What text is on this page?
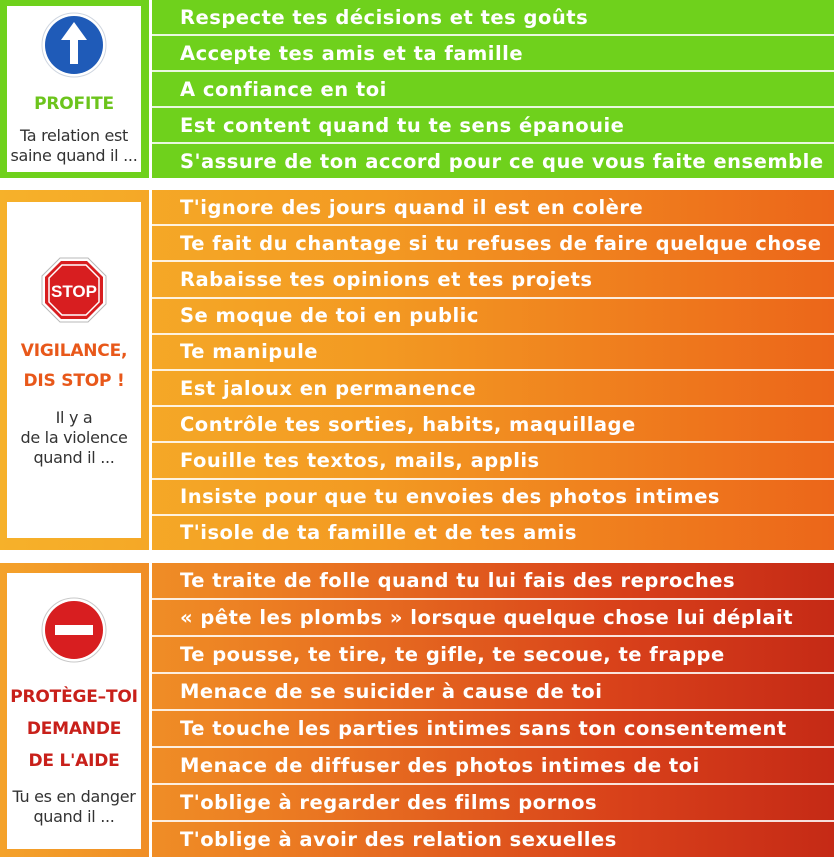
PROFITE
Ta relation est
saine quand il ...
Respecte tes décisions et tes goûts
Accepte tes amis et ta famille
A confiance en toi
Est content quand tu te sens épanouie
S'assure de ton accord pour ce que vous faite ensemble
STOP
VIGILANCE,
DIS STOP !
Il y a
de la violence
quand il ...
T'ignore des jours quand il est en colère
Te fait du chantage si tu refuses de faire quelque chose
Rabaisse tes opinions et tes projets
Se moque de toi en public
Te manipule
Est jaloux en permanence
Contrôle tes sorties, habits, maquillage
Fouille tes textos, mails, applis
Insiste pour que tu envoies des photos intimes
T'isole de ta famille et de tes amis
PROTÈGE–TOI
DEMANDE
DE L'AIDE
Tu es en danger
quand il ...
Te traite de folle quand tu lui fais des reproches
« pête les plombs » lorsque quelque chose lui déplait
Te pousse, te tire, te gifle, te secoue, te frappe
Menace de se suicider à cause de toi
Te touche les parties intimes sans ton consentement
Menace de diffuser des photos intimes de toi
T'oblige à regarder des films pornos
T'oblige à avoir des relation sexuelles
